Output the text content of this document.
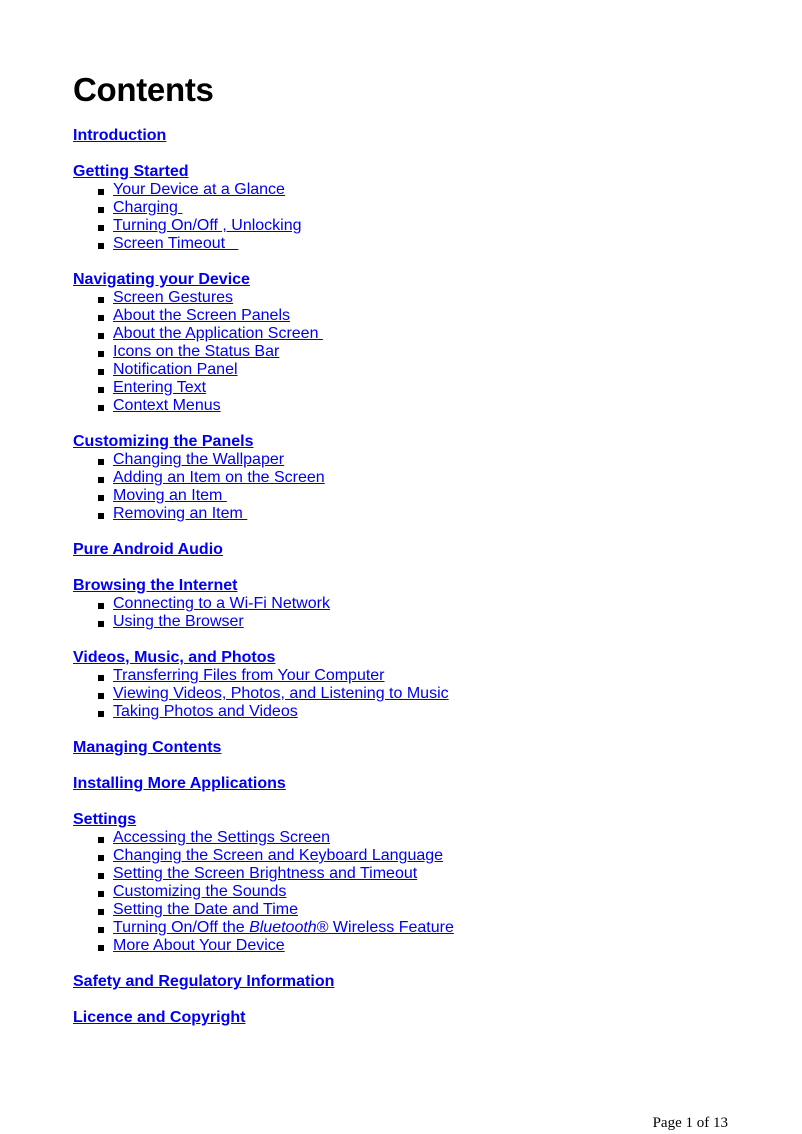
Contents
Introduction
Getting Started
Your Device at a Glance
Charging
Turning On/Off , Unlocking
Screen Timeout
Navigating your Device
Screen Gestures
About the Screen Panels
About the Application Screen
Icons on the Status Bar
Notification Panel
Entering Text
Context Menus
Customizing the Panels
Changing the Wallpaper
Adding an Item on the Screen
Moving an Item
Removing an Item
Pure Android Audio
Browsing the Internet
Connecting to a Wi-Fi Network
Using the Browser
Videos, Music, and Photos
Transferring Files from Your Computer
Viewing Videos, Photos, and Listening to Music
Taking Photos and Videos
Managing Contents
Installing More Applications
Settings
Accessing the Settings Screen
Changing the Screen and Keyboard Language
Setting the Screen Brightness and Timeout
Customizing the Sounds
Setting the Date and Time
Turning On/Off the Bluetooth® Wireless Feature
More About Your Device
Safety and Regulatory Information
Licence and Copyright
Page 1 of 13
